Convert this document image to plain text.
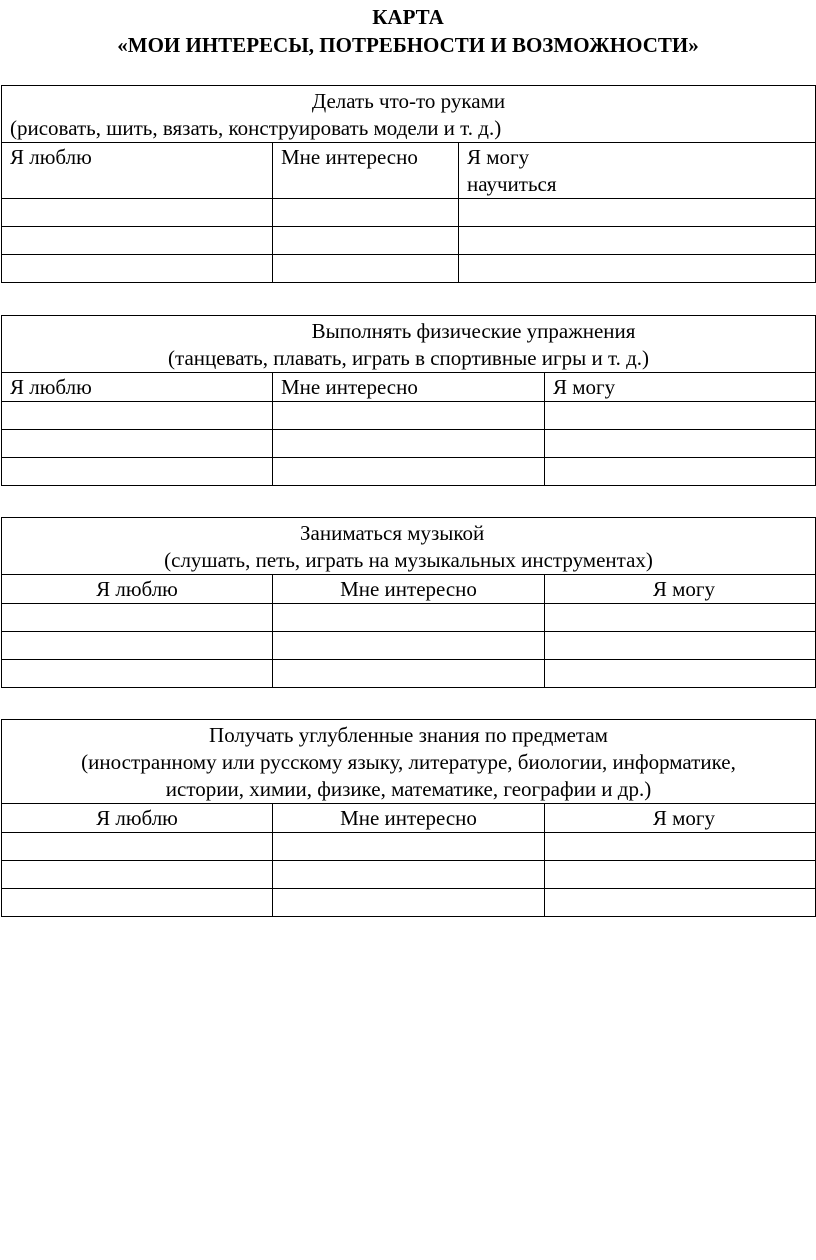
КАРТА
«МОИ ИНТЕРЕСЫ, ПОТРЕБНОСТИ И ВОЗМОЖНОСТИ»
Делать что-то руками
(рисовать, шить, вязать, конструировать модели и т. д.)		

Я люблю	Мне интересно	Я могу научиться

Выполнять физические упражнения
(танцевать, плавать, играть в спортивные игры и т. д.)		

Я люблю	Мне интересно	Я могу

Заниматься музыкой
(слушать, петь, играть на музыкальных инструментах)		

Я люблю	Мне интересно	Я могу

Получать углубленные знания по предметам
(иностранному или русскому языку, литературе, биологии, информатике,
истории, химии, физике, математике, географии и др.)		

Я люблю	Мне интересно	Я могу
